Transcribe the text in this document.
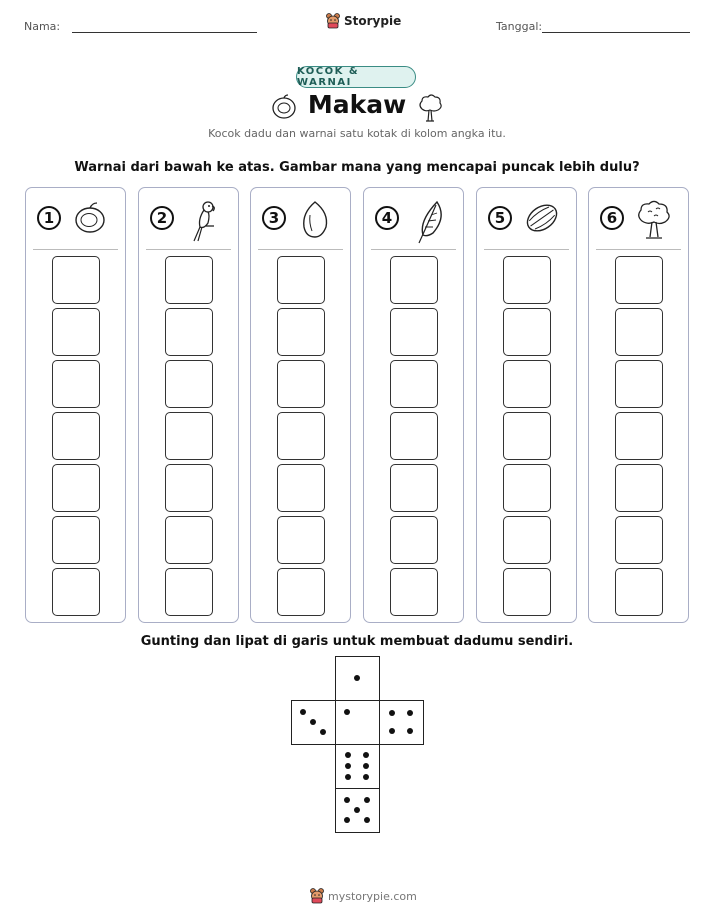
Nama:	Storypie	Tanggal:
KOCOK & WARNAI
Makaw
Kocok dadu dan warnai satu kotak di kolom angka itu.
Warnai dari bawah ke atas. Gambar mana yang mencapai puncak lebih dulu?
1	2	3	4	5	6
Gunting dan lipat di garis untuk membuat dadumu sendiri.
mystorypie.com
